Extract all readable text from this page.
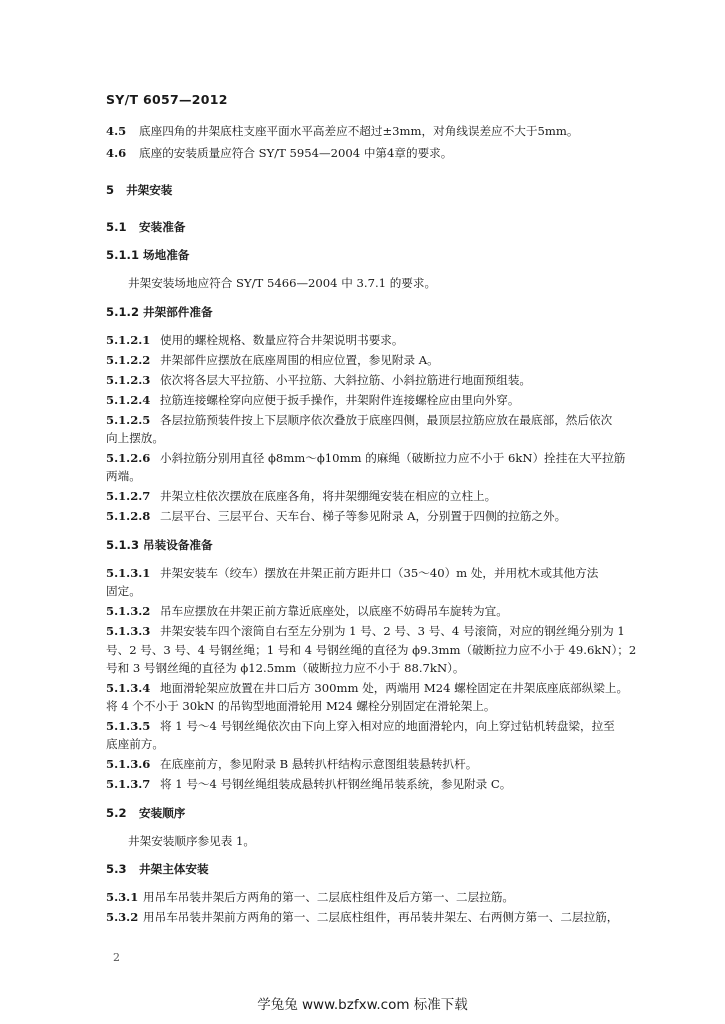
SY/T 6057—2012
4.5 底座四角的井架底柱支座平面水平高差应不超过±3mm，对角线误差应不大于5mm。
4.6 底座的安装质量应符合 SY/T 5954—2004 中第4章的要求。
5 井架安装
5.1 安装准备
5.1.1 场地准备
井架安装场地应符合 SY/T 5466—2004 中 3.7.1 的要求。
5.1.2 井架部件准备
5.1.2.1 使用的螺栓规格、数量应符合井架说明书要求。
5.1.2.2 井架部件应摆放在底座周围的相应位置，参见附录 A。
5.1.2.3 依次将各层大平拉筋、小平拉筋、大斜拉筋、小斜拉筋进行地面预组装。
5.1.2.4 拉筋连接螺栓穿向应便于扳手操作，井架附件连接螺栓应由里向外穿。
5.1.2.5 各层拉筋预装件按上下层顺序依次叠放于底座四侧，最顶层拉筋应放在最底部，然后依次
向上摆放。
5.1.2.6 小斜拉筋分别用直径 ϕ8mm～ϕ10mm 的麻绳（破断拉力应不小于 6kN）拴挂在大平拉筋
两端。
5.1.2.7 井架立柱依次摆放在底座各角，将井架绷绳安装在相应的立柱上。
5.1.2.8 二层平台、三层平台、天车台、梯子等参见附录 A，分别置于四侧的拉筋之外。
5.1.3 吊装设备准备
5.1.3.1 井架安装车（绞车）摆放在井架正前方距井口（35～40）m 处，并用枕木或其他方法
固定。
5.1.3.2 吊车应摆放在井架正前方靠近底座处，以底座不妨碍吊车旋转为宜。
5.1.3.3 井架安装车四个滚筒自右至左分别为 1 号、2 号、3 号、4 号滚筒，对应的钢丝绳分别为 1
号、2 号、3 号、4 号钢丝绳；1 号和 4 号钢丝绳的直径为 ϕ9.3mm（破断拉力应不小于 49.6kN）；2
号和 3 号钢丝绳的直径为 ϕ12.5mm（破断拉力应不小于 88.7kN）。
5.1.3.4 地面滑轮架应放置在井口后方 300mm 处，两端用 M24 螺栓固定在井架底座底部纵梁上。
将 4 个不小于 30kN 的吊钩型地面滑轮用 M24 螺栓分别固定在滑轮架上。
5.1.3.5 将 1 号～4 号钢丝绳依次由下向上穿入相对应的地面滑轮内，向上穿过钻机转盘梁，拉至
底座前方。
5.1.3.6 在底座前方，参见附录 B 悬转扒杆结构示意图组装悬转扒杆。
5.1.3.7 将 1 号～4 号钢丝绳组装成悬转扒杆钢丝绳吊装系统，参见附录 C。
5.2 安装顺序
井架安装顺序参见表 1。
5.3 井架主体安装
5.3.1 用吊车吊装井架后方两角的第一、二层底柱组件及后方第一、二层拉筋。
5.3.2 用吊车吊装井架前方两角的第一、二层底柱组件，再吊装井架左、右两侧方第一、二层拉筋，
2
学兔兔 www.bzfxw.com 标准下载
